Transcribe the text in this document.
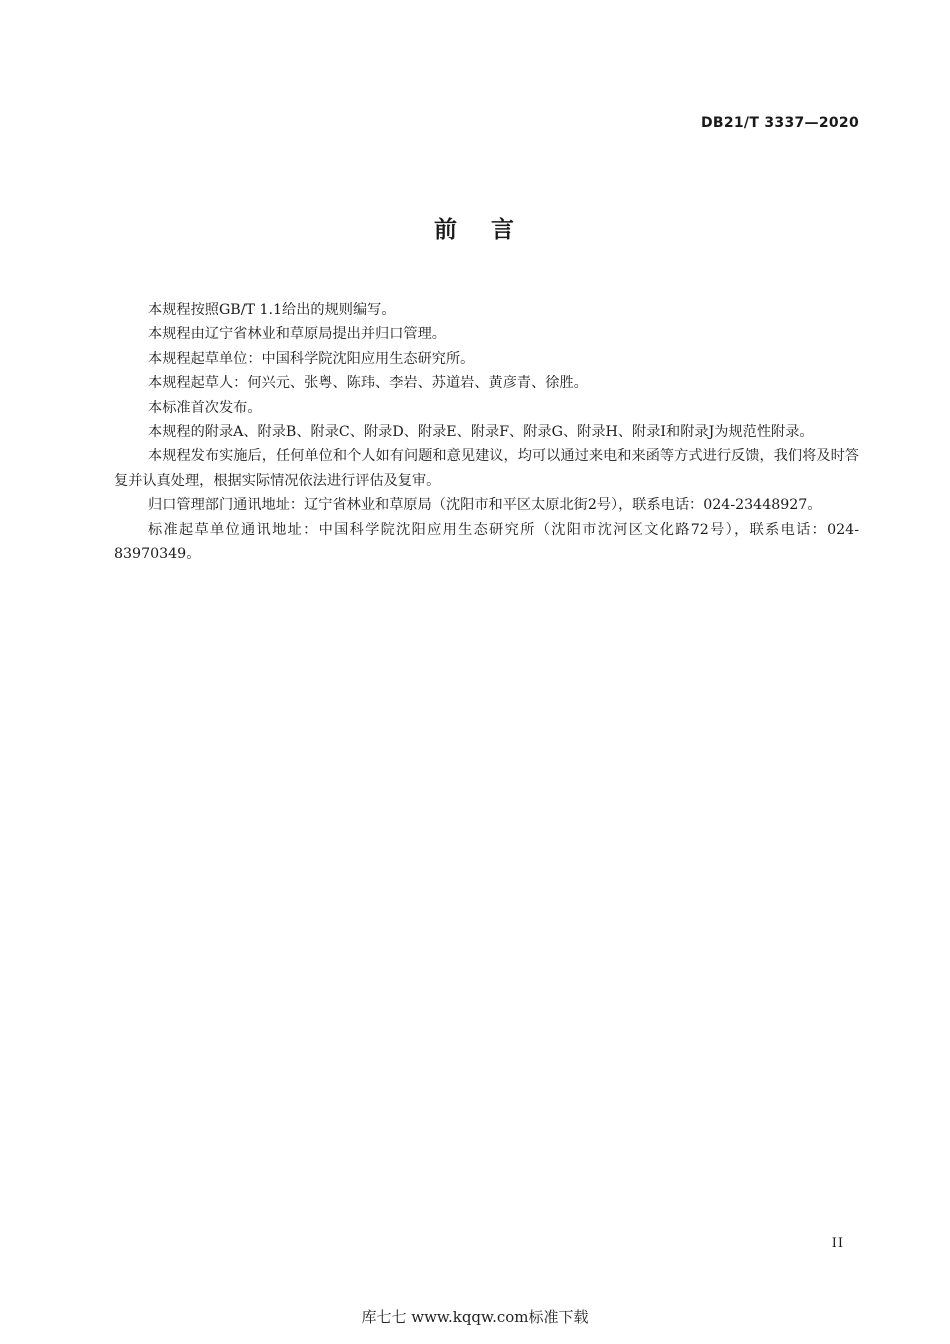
DB21/T 3337—2020
前 言

本规程按照GB/T 1.1给出的规则编写。

本规程由辽宁省林业和草原局提出并归口管理。

本规程起草单位：中国科学院沈阳应用生态研究所。

本规程起草人：何兴元、张粤、陈玮、李岩、苏道岩、黄彦青、徐胜。

本标准首次发布。

本规程的附录A、附录B、附录C、附录D、附录E、附录F、附录G、附录H、附录I和附录J为规范性附录。

本规程发布实施后，任何单位和个人如有问题和意见建议，均可以通过来电和来函等方式进行反馈，我们将及时答复并认真处理，根据实际情况依法进行评估及复审。

归口管理部门通讯地址：辽宁省林业和草原局（沈阳市和平区太原北街2号），联系电话：024-23448927。

标准起草单位通讯地址：中国科学院沈阳应用生态研究所（沈阳市沈河区文化路72号），联系电话：024-83970349。

II
库七七 www.kqqw.com标准下载
